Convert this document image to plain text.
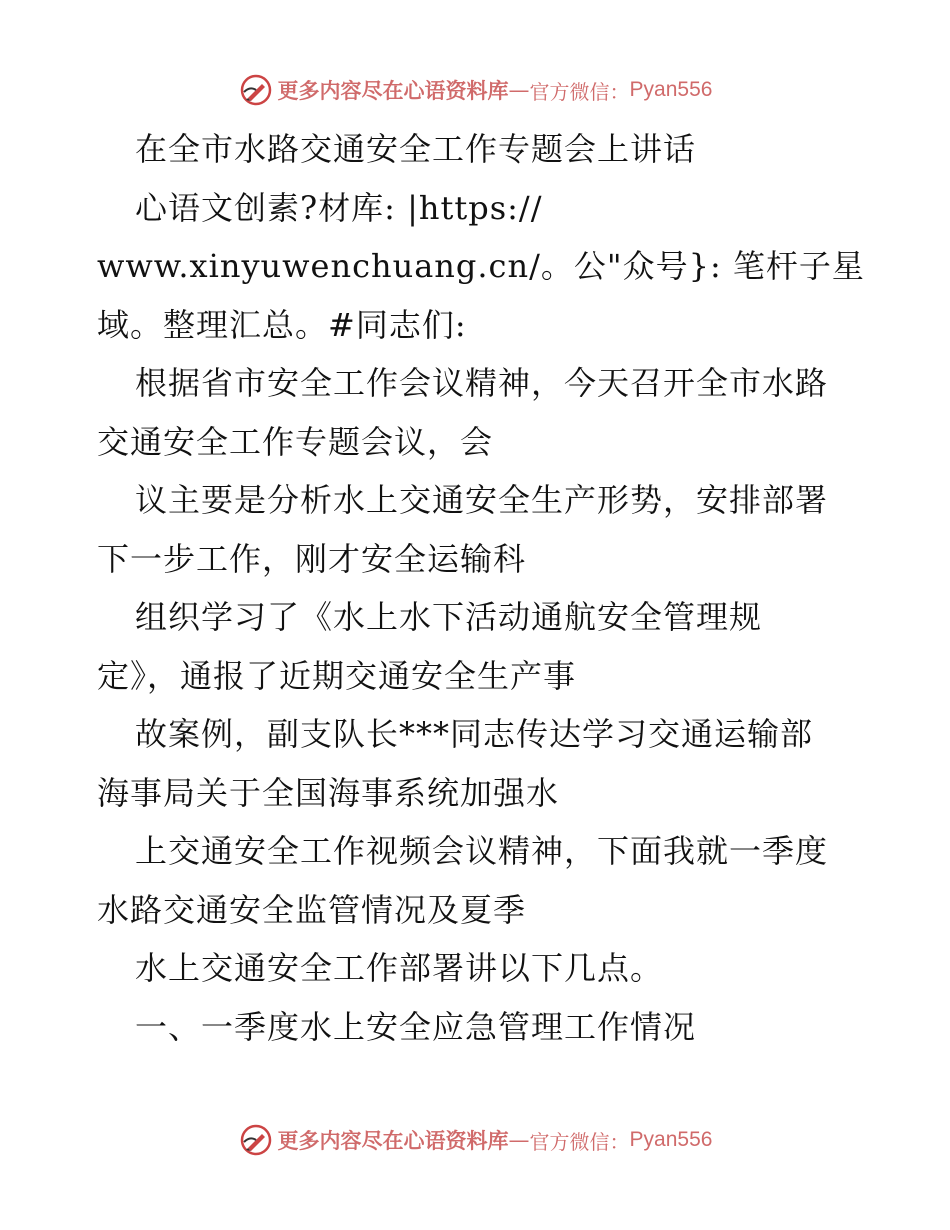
更多内容尽在心语资料库 — 官方微信： Pyan556
在全市水路交通安全工作专题会上讲话
心语文创素?材库: |https://
www.xinyuwenchuang.cn/。公"众号}: 笔杆子星
域。整理汇总。#同志们:
根据省市安全工作会议精神，今天召开全市水路
交通安全工作专题会议，会
议主要是分析水上交通安全生产形势，安排部署
下一步工作，刚才安全运输科
组织学习了《水上水下活动通航安全管理规
定》，通报了近期交通安全生产事
故案例，副支队长***同志传达学习交通运输部
海事局关于全国海事系统加强水
上交通安全工作视频会议精神，下面我就一季度
水路交通安全监管情况及夏季
水上交通安全工作部署讲以下几点。
一、一季度水上安全应急管理工作情况
更多内容尽在心语资料库 — 官方微信： Pyan556
